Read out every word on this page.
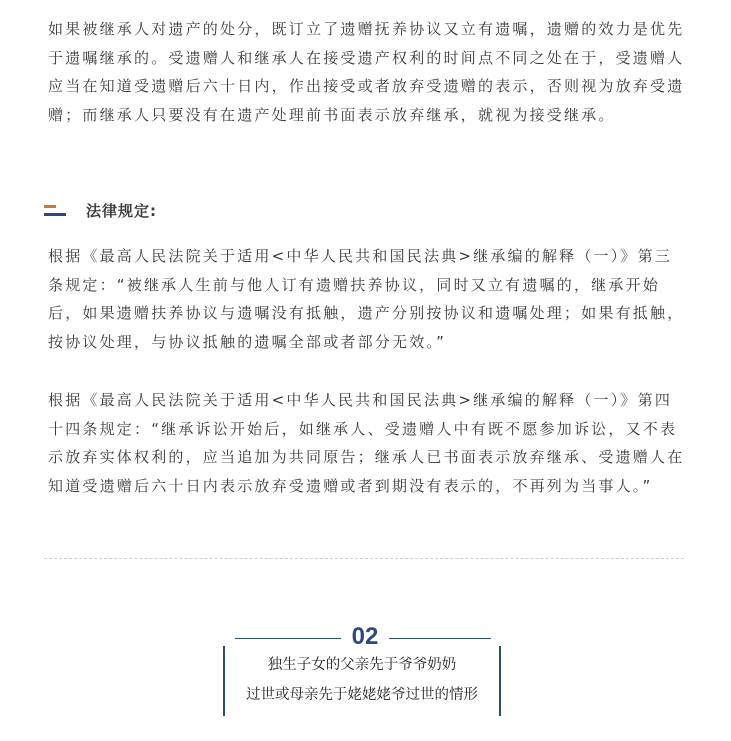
如果被继承人对遗产的处分，既订立了遗赠抚养协议又立有遗嘱，遗赠的效力是优先于遗嘱继承的。受遗赠人和继承人在接受遗产权利的时间点不同之处在于，受遗赠人应当在知道受遗赠后六十日内，作出接受或者放弃受遗赠的表示，否则视为放弃受遗赠；而继承人只要没有在遗产处理前书面表示放弃继承，就视为接受继承。

法律规定:

根据《最高人民法院关于适用<中华人民共和国民法典>继承编的解释（一）》第三条规定：“被继承人生前与他人订有遗赠扶养协议，同时又立有遗嘱的，继承开始后，如果遗赠扶养协议与遗嘱没有抵触，遗产分别按协议和遗嘱处理；如果有抵触，按协议处理，与协议抵触的遗嘱全部或者部分无效。”

根据《最高人民法院关于适用<中华人民共和国民法典>继承编的解释（一）》第四十四条规定：“继承诉讼开始后，如继承人、受遗赠人中有既不愿参加诉讼，又不表示放弃实体权利的，应当追加为共同原告；继承人已书面表示放弃继承、受遗赠人在知道受遗赠后六十日内表示放弃受遗赠或者到期没有表示的，不再列为当事人。”

02
独生子女的父亲先于爷爷奶奶
过世或母亲先于姥姥姥爷过世的情形
